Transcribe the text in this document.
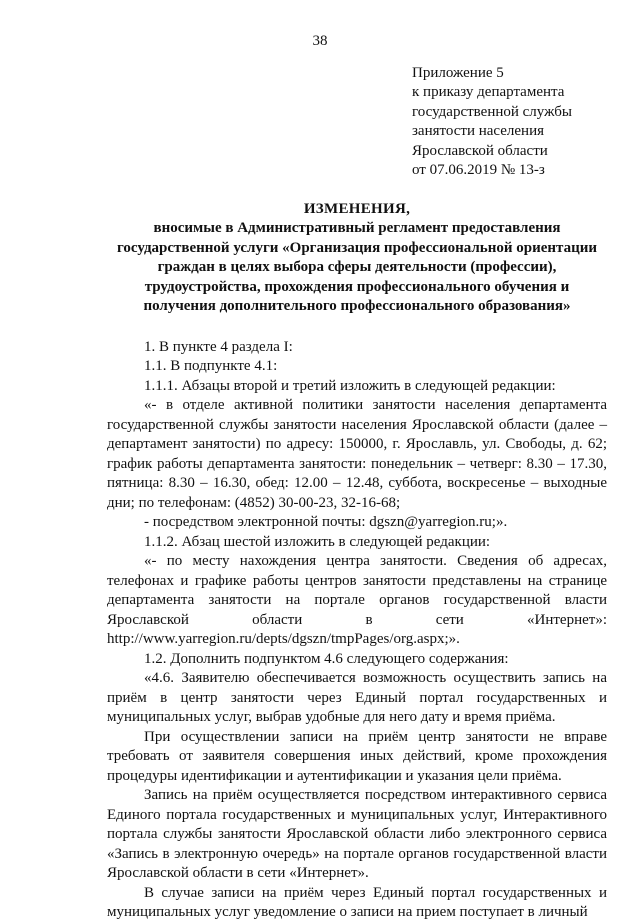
38
Приложение 5
к приказу департамента
государственной службы
занятости населения
Ярославской области
от 07.06.2019 № 13-з
ИЗМЕНЕНИЯ,
вносимые в Административный регламент предоставления
государственной услуги «Организация профессиональной ориентации
граждан в целях выбора сферы деятельности (профессии),
трудоустройства, прохождения профессионального обучения и
получения дополнительного профессионального образования»

1. В пункте 4 раздела I:

1.1. В подпункте 4.1:

1.1.1. Абзацы второй и третий изложить в следующей редакции:

«- в отделе активной политики занятости населения департамента государственной службы занятости населения Ярославской области (далее – департамент занятости) по адресу: 150000, г. Ярославль, ул. Свободы, д. 62; график работы департамента занятости: понедельник – четверг: 8.30 – 17.30, пятница: 8.30 – 16.30, обед: 12.00 – 12.48, суббота, воскресенье – выходные дни; по телефонам: (4852) 30-00-23, 32-16-68;

- посредством электронной почты: dgszn@yarregion.ru;».

1.1.2. Абзац шестой изложить в следующей редакции:

«- по месту нахождения центра занятости. Сведения об адресах, телефонах и графике работы центров занятости представлены на странице департамента занятости на портале органов государственной власти Ярославской области в сети «Интернет»: http://www.yarregion.ru/depts/dgszn/tmpPages/org.aspx;».

1.2. Дополнить подпунктом 4.6 следующего содержания:

«4.6. Заявителю обеспечивается возможность осуществить запись на приём в центр занятости через Единый портал государственных и муниципальных услуг, выбрав удобные для него дату и время приёма.

При осуществлении записи на приём центр занятости не вправе требовать от заявителя совершения иных действий, кроме прохождения процедуры идентификации и аутентификации и указания цели приёма.

Запись на приём осуществляется посредством интерактивного сервиса Единого портала государственных и муниципальных услуг, Интерактивного портала службы занятости Ярославской области либо электронного сервиса «Запись в электронную очередь» на портале органов государственной власти Ярославской области в сети «Интернет».

В случае записи на приём через Единый портал государственных и муниципальных услуг уведомление о записи на прием поступает в личный
